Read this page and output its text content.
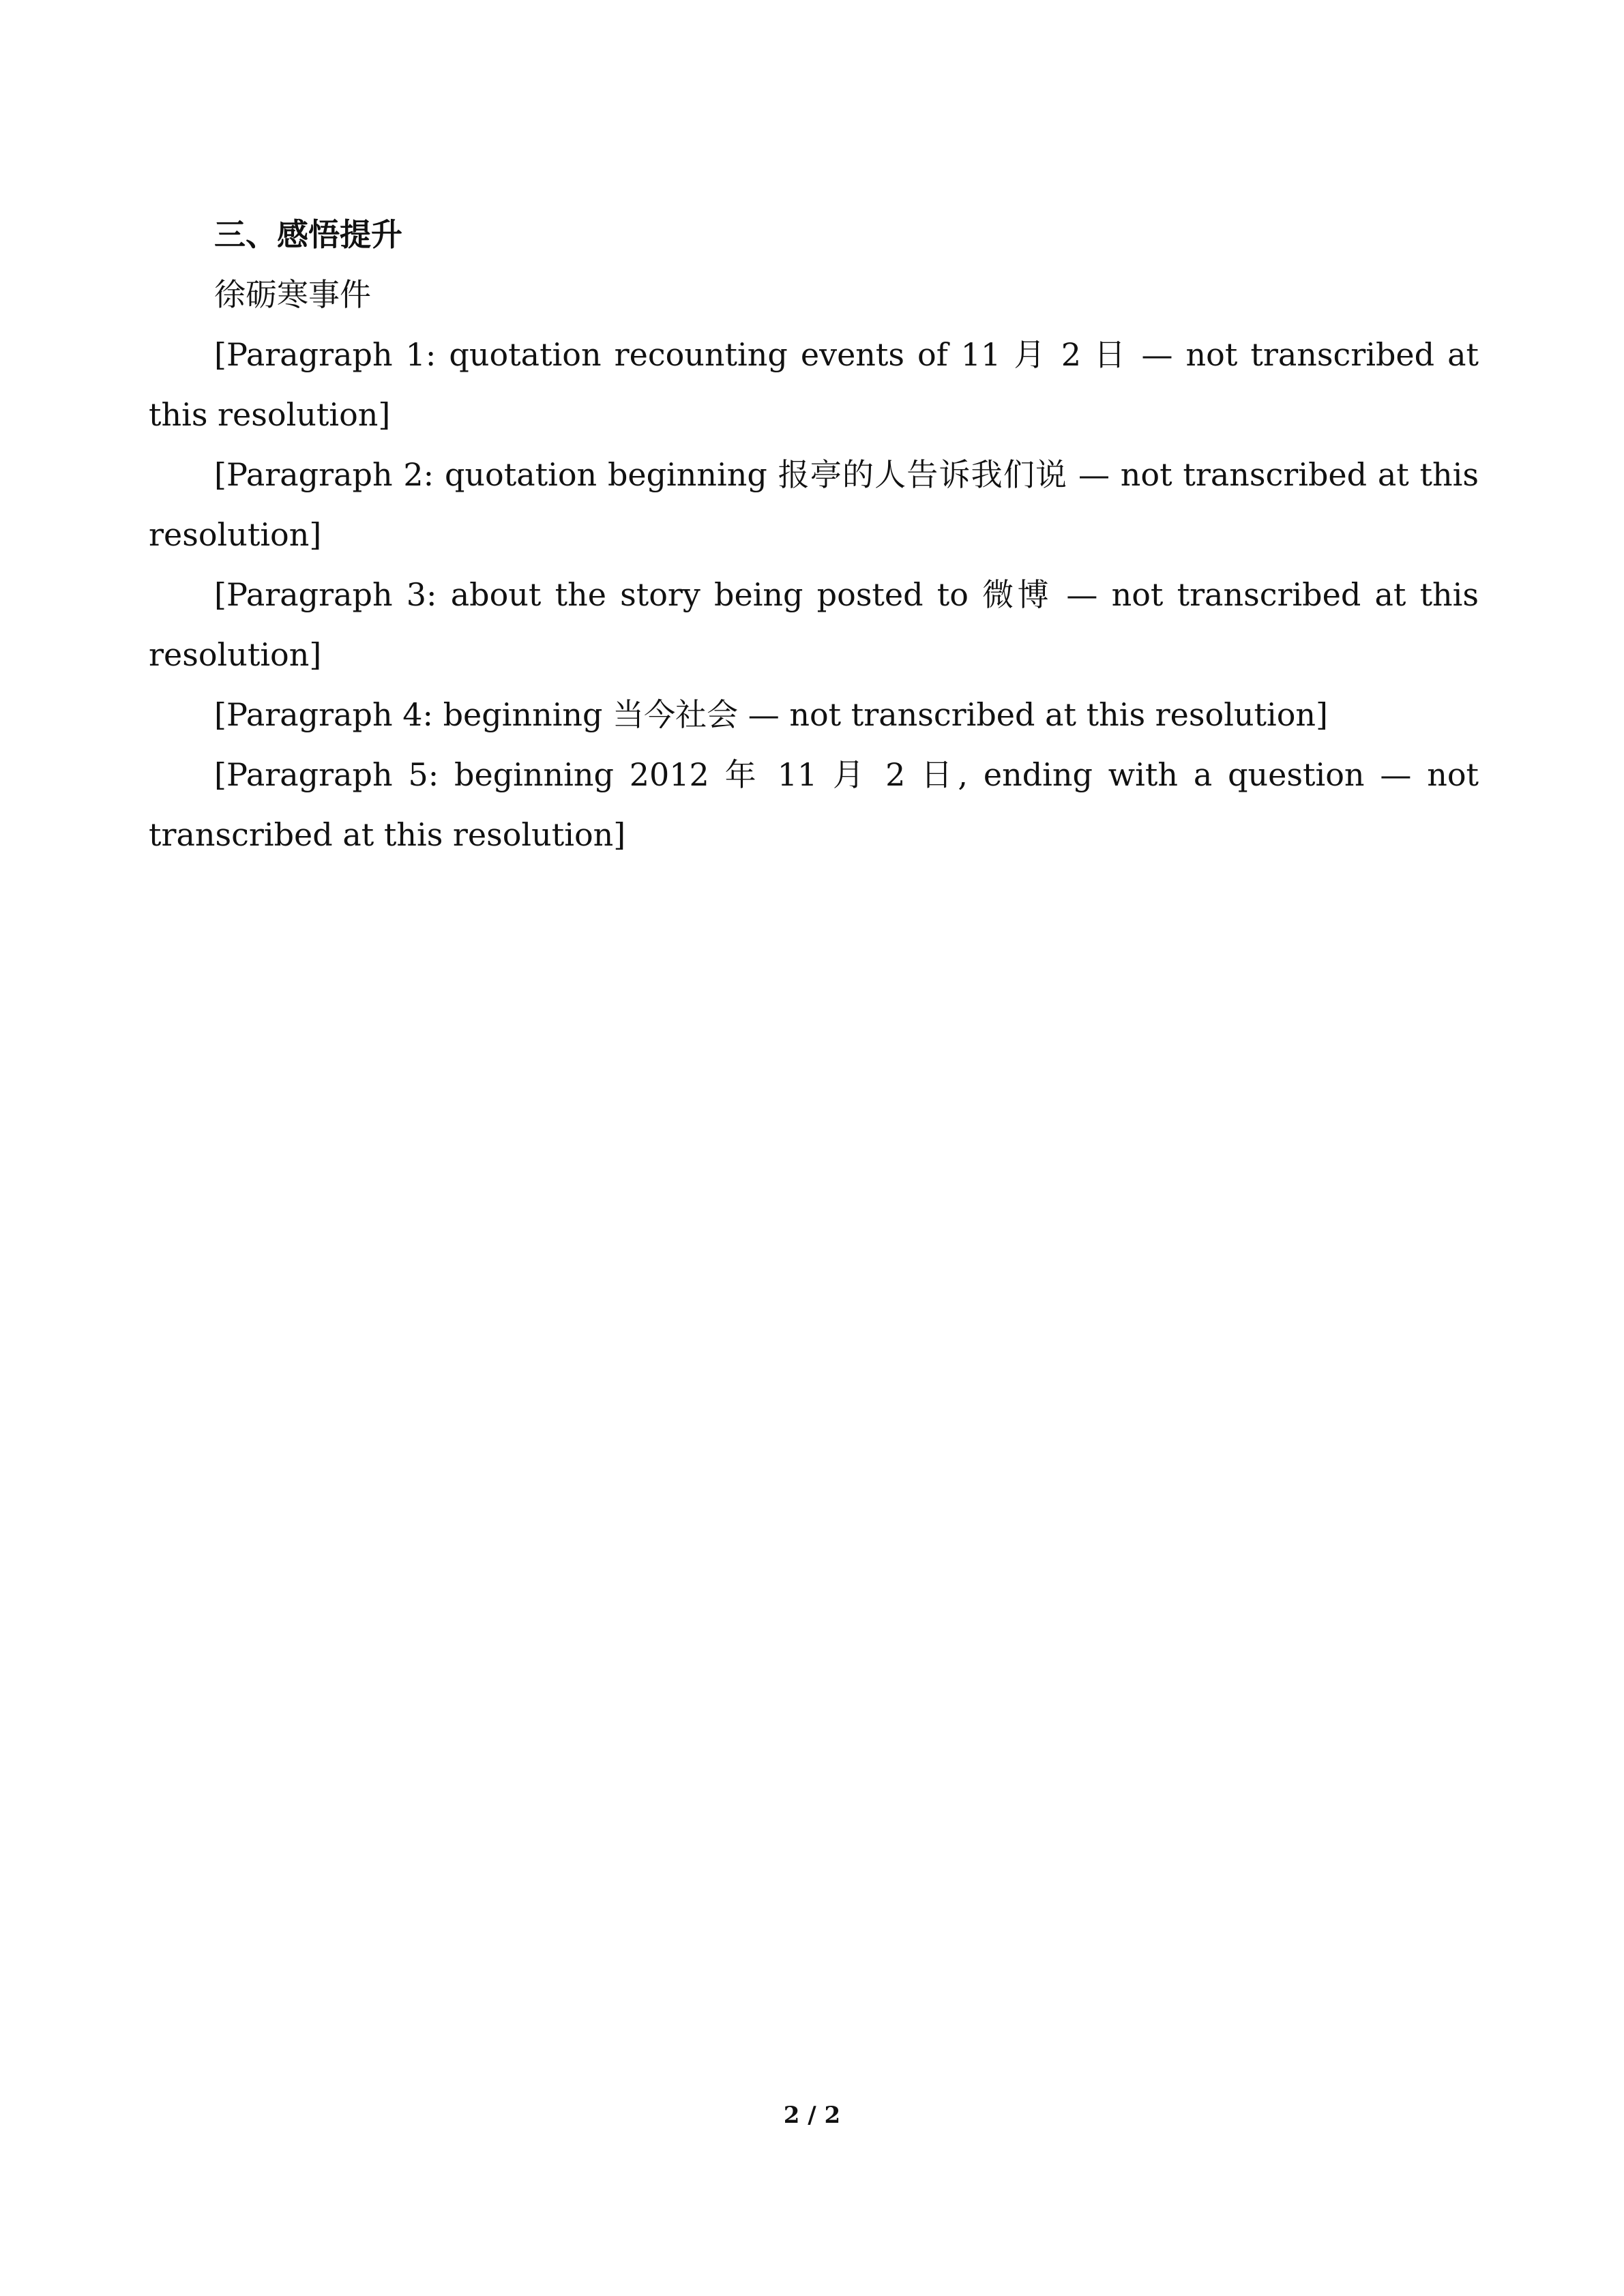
三、感悟提升

徐砺寒事件

[Paragraph 1: quotation recounting events of 11 月 2 日 — not transcribed at this resolution]

[Paragraph 2: quotation beginning 报亭的人告诉我们说 — not transcribed at this resolution]

[Paragraph 3: about the story being posted to 微博 — not transcribed at this resolution]

[Paragraph 4: beginning 当今社会 — not transcribed at this resolution]

[Paragraph 5: beginning 2012 年 11 月 2 日, ending with a question — not transcribed at this resolution]

2 / 2
